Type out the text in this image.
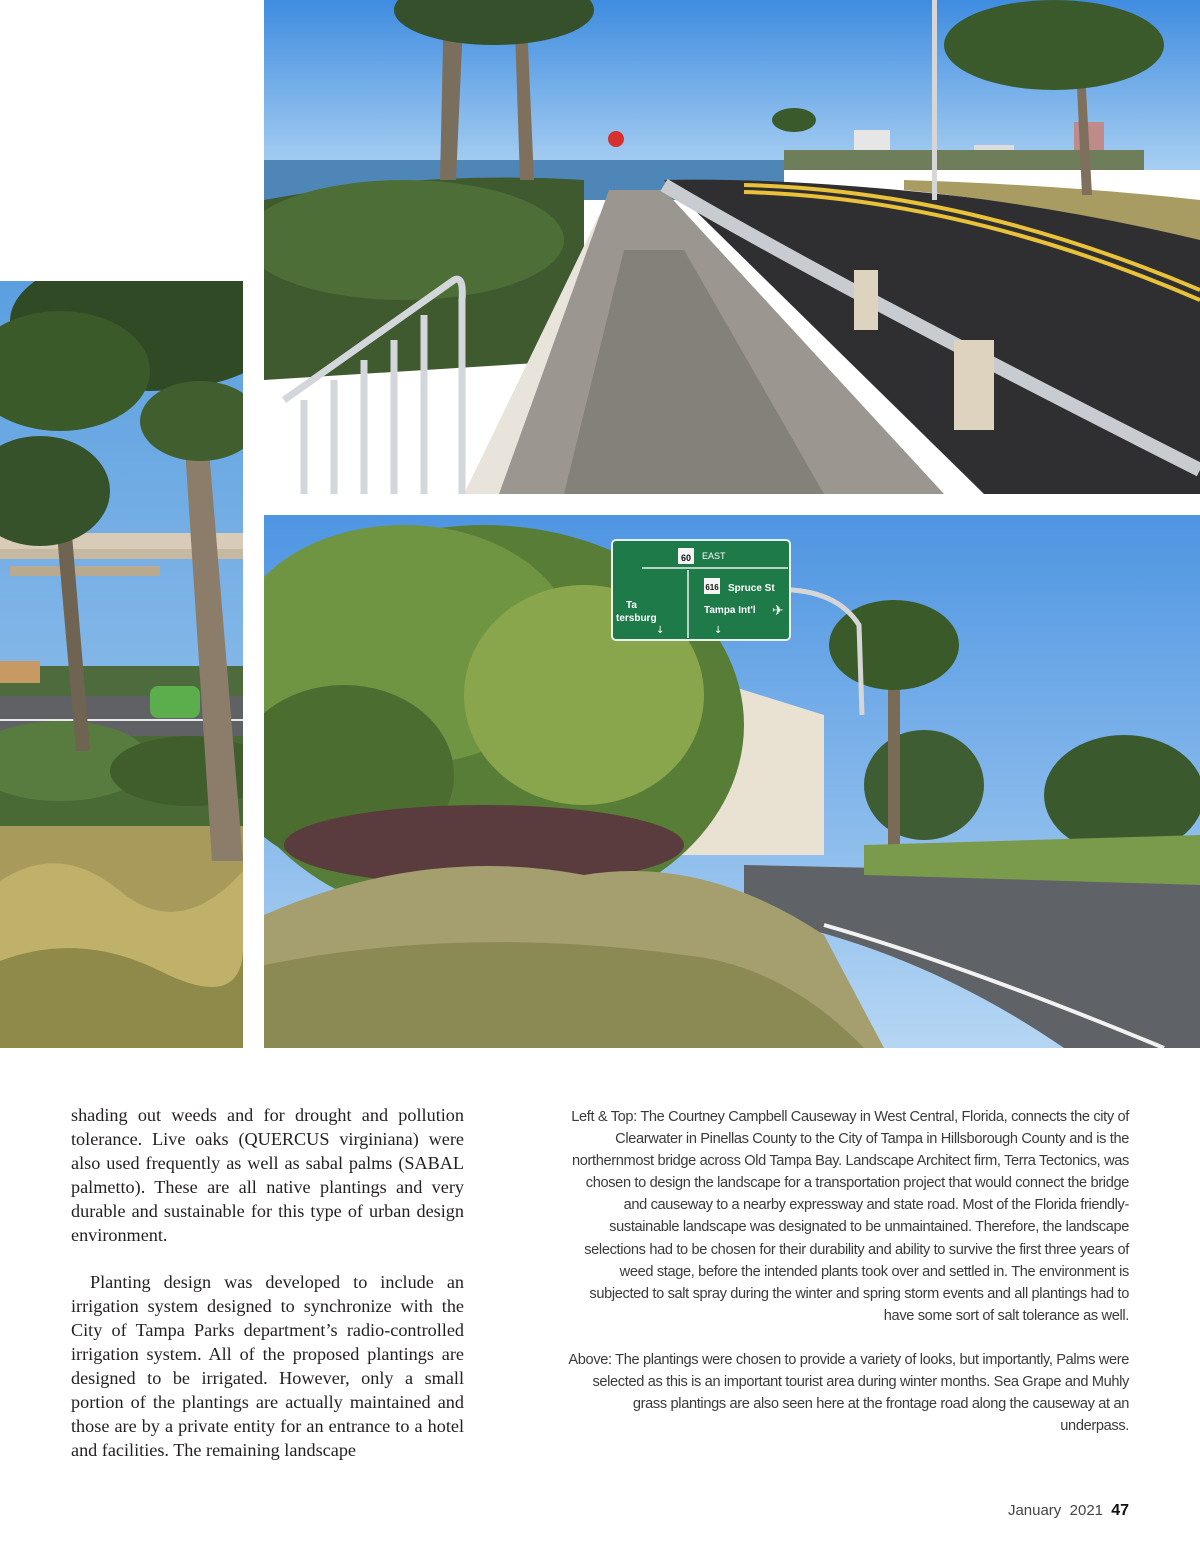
60 EAST
616 Spruce St
Ta
tersburg
Tampa Int'l ✈
↓
↓

shading out weeds and for drought and pollution tolerance. Live oaks (QUERCUS virginiana) were also used frequently as well as sabal palms (SABAL palmetto). These are all native plantings and very durable and sustainable for this type of urban design environment.

Planting design was developed to include an irrigation system designed to synchronize with the City of Tampa Parks department’s radio-controlled irrigation system. All of the proposed plantings are designed to be irrigated. However, only a small portion of the plantings are actually maintained and those are by a private entity for an entrance to a hotel and facilities. The remaining landscape

Left & Top: The Courtney Campbell Causeway in West Central, Florida, connects the city of Clearwater in Pinellas County to the City of Tampa in Hillsborough County and is the northernmost bridge across Old Tampa Bay. Landscape Architect firm, Terra Tectonics, was chosen to design the landscape for a transportation project that would connect the bridge and causeway to a nearby expressway and state road. Most of the Florida friendly-sustainable landscape was designated to be unmaintained. Therefore, the landscape selections had to be chosen for their durability and ability to survive the first three years of weed stage, before the intended plants took over and settled in. The environment is subjected to salt spray during the winter and spring storm events and all plantings had to have some sort of salt tolerance as well.

Above: The plantings were chosen to provide a variety of looks, but importantly, Palms were selected as this is an important tourist area during winter months. Sea Grape and Muhly grass plantings are also seen here at the frontage road along the causeway at an underpass.

January 2021 47
